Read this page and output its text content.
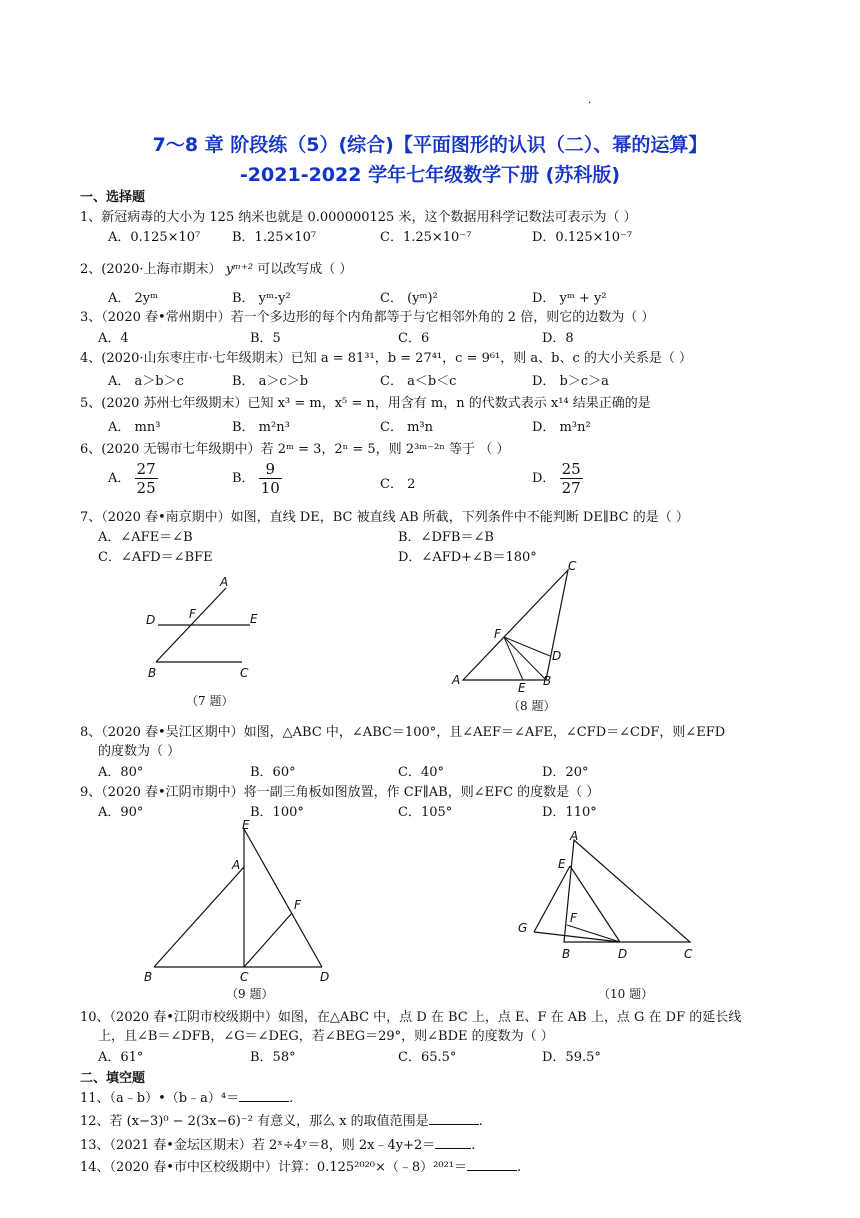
·
7～8 章 阶段练（5）(综合)【平面图形的认识（二）、幂的运算】
-2021-2022 学年七年级数学下册 (苏科版)
一、选择题
1、新冠病毒的大小为 125 纳米也就是 0.000000125 米，这个数据用科学记数法可表示为（ ）
A．0.125×10⁷ B．1.25×10⁷	C．1.25×10⁻⁷	D．0.125×10⁻⁷
2、(2020·上海市期末） yᵐ⁺² 可以改写成（ ）
A． 2yᵐ	B． yᵐ·y²	C． (yᵐ)²	D． yᵐ + y²
3、（2020 春•常州期中）若一个多边形的每个内角都等于与它相邻外角的 2 倍，则它的边数为（ ）
A．4	B．5	C．6	D．8
4、(2020·山东枣庄市·七年级期末）已知 a = 81³¹，b = 27⁴¹，c = 9⁶¹，则 a、b、c 的大小关系是（ ）
A． a＞b＞c	B． a＞c＞b	C． a＜b＜c	D． b＞c＞a
5、(2020 苏州七年级期末）已知 x³ = m，x⁵ = n，用含有 m，n 的代数式表示 x¹⁴ 结果正确的是
A． mn³	B． m²n³	C． m³n	D． m³n²
6、(2020 无锡市七年级期中）若 2ᵐ = 3，2ⁿ = 5，则 2³ᵐ⁻²ⁿ 等于 （ ）
A． $\frac{27}{25}$	B． $\frac{9}{10}$	C． 2	D． $\frac{25}{27}$
7、（2020 春•南京期中）如图，直线 DE，BC 被直线 AB 所截，下列条件中不能判断 DE∥BC 的是（ ）
A．∠AFE＝∠B	B．∠DFB＝∠B
C．∠AFD＝∠BFE	D．∠AFD+∠B＝180°
A
D	F	E
B	C
（7 题）
C
F
D
A
E B
（8 题）
8、（2020 春•吴江区期中）如图，△ABC 中，∠ABC＝100°，且∠AEF＝∠AFE，∠CFD＝∠CDF，则∠EFD
的度数为（ ）
A．80°	B．60°	C．40°	D．20°
9、（2020 春•江阴市期中）将一副三角板如图放置，作 CF∥AB，则∠EFC 的度数是（ ）
A．90°	B．100°	C．105°	D．110°
E
A
F
B	C	D
（9 题）
A
E
G
F
B	D	C
（10 题）
10、（2020 春•江阴市校级期中）如图，在△ABC 中，点 D 在 BC 上，点 E、F 在 AB 上，点 G 在 DF 的延长线
上，且∠B＝∠DFB，∠G＝∠DEG，若∠BEG＝29°，则∠BDE 的度数为（ ）
A．61°	B．58°	C．65.5°	D．59.5°
二、填空题
11、（a﹣b）•（b﹣a）⁴＝	.
12、若 (x−3)⁰ − 2(3x−6)⁻² 有意义，那么 x 的取值范围是	.
13、（2021 春•金坛区期末）若 2ˣ÷4ʸ＝8，则 2x﹣4y+2＝	.
14、（2020 春•市中区校级期中）计算：0.125²⁰²⁰×（﹣8）²⁰²¹＝	.
